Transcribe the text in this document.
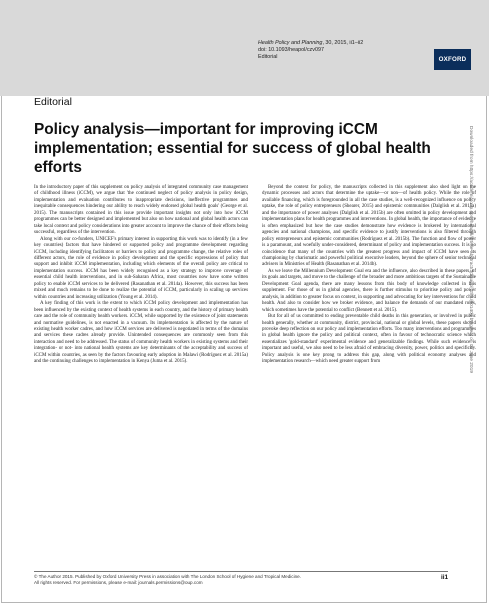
Health Policy and Planning, 30, 2015, ii1–ii2
doi: 10.1093/heapol/czv097
Editorial	OXFORD
Editorial
Policy analysis—important for improving iCCM implementation; essential for success of global health efforts

In the introductory paper of this supplement on policy analysis of integrated community case management of childhood illness (iCCM), we argue that 'the continued neglect of policy analysis in policy design, implementation and evaluation contributes to inappropriate decisions, ineffective programmes and inequitable consequences hindering our ability to reach widely endorsed global health goals' (George et al. 2015). The manuscripts contained in this issue provide important insights not only into how iCCM programmes can be better designed and implemented but also on how national and global health actors can take local context and policy considerations into greater account to improve the chance of their efforts being successful, regardless of the intervention.

Along with our co-funders, UNICEF's primary interest in supporting this work was to identify (in a few key countries) factors that have hindered or supported policy and programme development regarding iCCM, including identifying facilitators or barriers to policy and programme change, the relative roles of different actors, the role of evidence in policy development and the specific expressions of policy that support and inhibit iCCM implementation, including which elements of the overall policy are critical to implementation success. iCCM has been widely recognised as a key strategy to improve coverage of essential child health interventions, and in sub-Saharan Africa, most countries now have some written policy to enable iCCM services to be delivered (Rasanathan et al. 2014a). However, this success has been mixed and much remains to be done to realize the potential of iCCM, particularly in scaling up services within countries and increasing utilization (Young et al. 2014).

A key finding of this work is the extent to which iCCM policy development and implementation has been influenced by the existing context of health systems in each country, and the history of primary health care and the role of community health workers. iCCM, while supported by the existence of joint statements and normative guidelines, is not enacted in a vacuum. Its implementation is affected by the nature of existing health worker cadres, and how iCCM services are delivered is negotiated in terms of the domains and services these cadres already provide. Unintended consequences are commonly seen from this interaction and need to be addressed. The status of community health workers in existing systems and their integration- or not- into national health systems are key determinants of the acceptability and success of iCCM within countries, as seen by the factors favouring early adoption in Malawi (Rodríguez et al. 2015a) and the continuing challenges to implementation in Kenya (Juma et al. 2015).

Beyond the context for policy, the manuscripts collected in this supplement also shed light on the dynamic processes and actors that determine the uptake—or non—of health policy. While the role of available financing, which is foregrounded in all the case studies, is a well-recognized influence on policy uptake, the role of policy entrepreneurs (Shearer, 2015) and epistemic communities (Dalglish et al. 2015a) and the importance of power analyses (Dalglish et al. 2015b) are often omitted in policy development and implementation plans for health programmes and interventions. In global health, the importance of evidence is often emphasized but how the case studies demonstrate how evidence is brokered by international agencies and national champions, and specific evidence to justify interventions is also filtered through policy entrepreneurs and epistemic communities (Rodríguez et al. 2015b). The function and flow of power is a paramount, and woefully under-considered, determinant of policy and implementation success. It is no coincidence that many of the countries with the greatest progress and impact of iCCM have seen its championing by charismatic and powerful political executive leaders, beyond the sphere of senior technical advisers in Ministries of Health (Rasanathan et al. 2014b).

As we leave the Millennium Development Goal era and the influence, also described in these papers, of its goals and targets, and move to the challenge of the broader and more ambitious targets of the Sustainable Development Goal agenda, there are many lessons from this body of knowledge collected in this supplement. For those of us in global agencies, there is further stimulus to prioritise policy and power analysis, in addition to greater focus on context, in supporting and advocating for key interventions for child health. And also to consider how we broker evidence, and balance the demands of our mandated roles, which sometimes have the potential to conflict (Bennett et al. 2015).

But for all of us committed to ending preventable child deaths in this generation, or involved in public health generally, whether at community, district, provincial, national or global levels, these papers should provoke deep reflection on our policy and implementation efforts. Too many interventions and programmes in global health ignore the policy and political context, often in favour of technocratic science which essentializes 'gold-standard' experimental evidence and generalizable findings. While such evidence is important and useful, we also need to be less afraid of embracing diversity, power, politics and specificity. Policy analysis is one key prong to address this gap, along with political economy analyses and implementation research—which need greater support from	Downloaded from https://academic.oup.com/heapol/article-abstract/30/suppl_2/ii1/601401 by guest on 05 June 2019
© The Author 2015. Published by Oxford University Press in association with The London School of Hygiene and Tropical Medicine.
All rights reserved. For permissions, please e-mail: journals.permissions@oup.com
ii1
